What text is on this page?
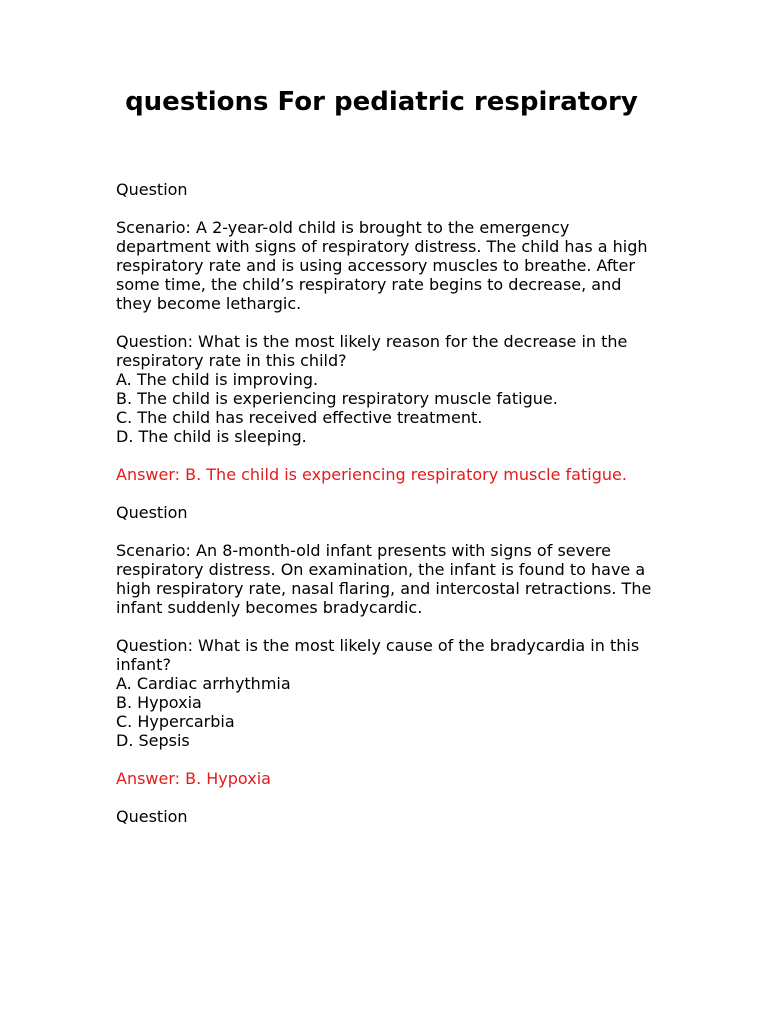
questions For pediatric respiratory

Question

Scenario: A 2-year-old child is brought to the emergency department with signs of respiratory distress. The child has a high respiratory rate and is using accessory muscles to breathe. After some time, the child’s respiratory rate begins to decrease, and they become lethargic.

Question: What is the most likely reason for the decrease in the respiratory rate in this child?

A. The child is improving.
B. The child is experiencing respiratory muscle fatigue.
C. The child has received effective treatment.
D. The child is sleeping.

Answer: B. The child is experiencing respiratory muscle fatigue.

Question

Scenario: An 8-month-old infant presents with signs of severe respiratory distress. On examination, the infant is found to have a high respiratory rate, nasal flaring, and intercostal retractions. The infant suddenly becomes bradycardic.

Question: What is the most likely cause of the bradycardia in this infant?

A. Cardiac arrhythmia
B. Hypoxia
C. Hypercarbia
D. Sepsis

Answer: B. Hypoxia

Question
